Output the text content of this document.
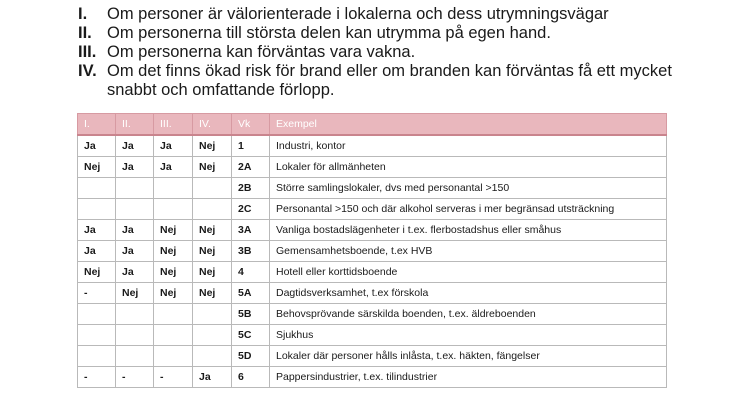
I.	Om personer är välorienterade i lokalerna och dess utrymningsvägar
II. Om personerna till största delen kan utrymma på egen hand.
III. Om personerna kan förväntas vara vakna.
IV. Om det finns ökad risk för brand eller om branden kan förväntas få ett mycket snabbt och omfattande förlopp.
I.	II.	III.	IV.	Vk	Exempel
Ja	Ja	Ja	Nej	1	Industri, kontor
Nej	Ja	Ja	Nej	2A	Lokaler för allmänheten
				2B	Större samlingslokaler, dvs med personantal >150
				2C	Personantal >150 och där alkohol serveras i mer begränsad utsträckning
Ja	Ja	Nej	Nej	3A	Vanliga bostadslägenheter i t.ex. flerbostadshus eller småhus
Ja	Ja	Nej	Nej	3B	Gemensamhetsboende, t.ex HVB
Nej	Ja	Nej	Nej	4	Hotell eller korttidsboende
-	Nej	Nej	Nej	5A	Dagtidsverksamhet, t.ex förskola
				5B	Behovsprövande särskilda boenden, t.ex. äldreboenden
				5C	Sjukhus
				5D	Lokaler där personer hålls inlåsta, t.ex. häkten, fängelser
-	-	-	Ja	6	Pappersindustrier, t.ex. tilindustrier
